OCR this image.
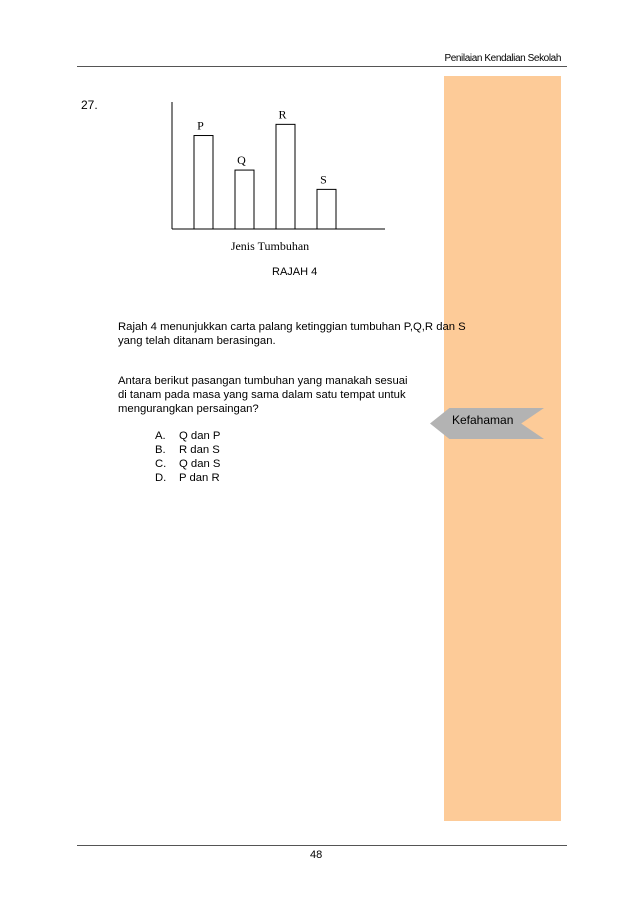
Penilaian Kendalian Sekolah
27.
P
Q
R
S
Jenis Tumbuhan
RAJAH 4
Rajah 4 menunjukkan carta palang ketinggian tumbuhan P,Q,R dan S
yang telah ditanam berasingan.
Antara berikut pasangan tumbuhan yang manakah sesuai
di tanam pada masa yang sama dalam satu tempat untuk
mengurangkan persaingan?
A.	Q dan P
B.	R dan S
C.	Q dan S
D.	P dan R
Kefahaman
48
